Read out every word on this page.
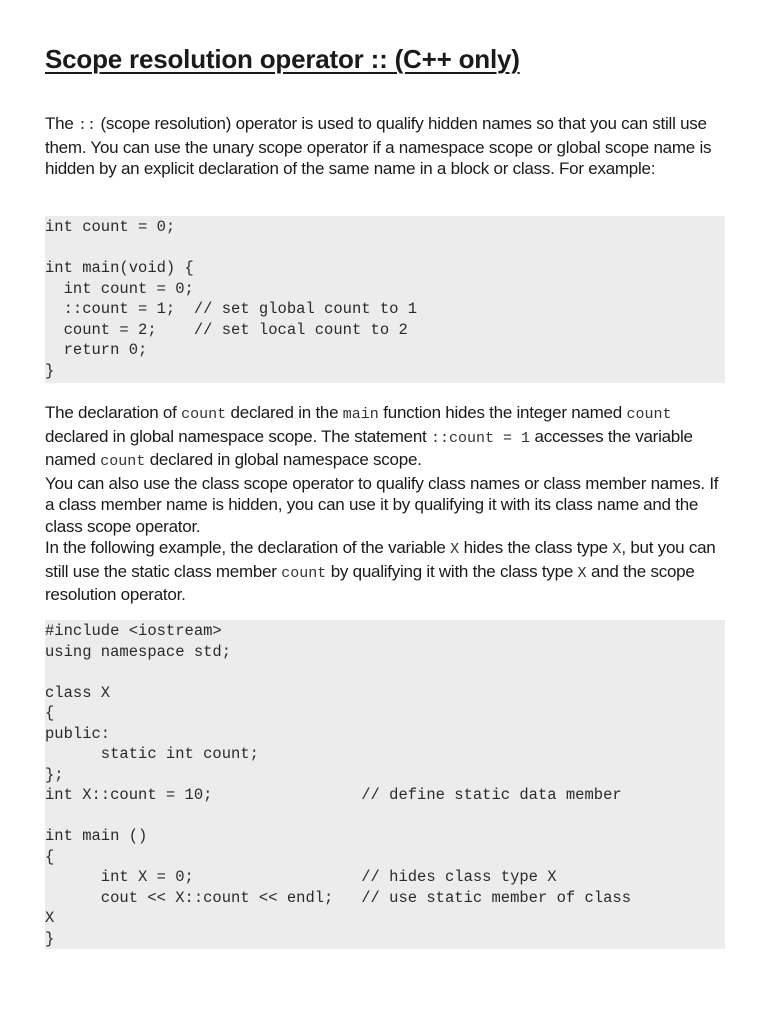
Scope resolution operator :: (C++ only)

The :: (scope resolution) operator is used to qualify hidden names so that you can still use them. You can use the unary scope operator if a namespace scope or global scope name is hidden by an explicit declaration of the same name in a block or class. For example:

int count = 0;
int main(void) {
int count = 0;
::count = 1;  // set global count to 1
count = 2;    // set local count to 2
return 0;
}

The declaration of count declared in the main function hides the integer named count declared in global namespace scope. The statement ::count = 1 accesses the variable named count declared in global namespace scope.

You can also use the class scope operator to qualify class names or class member names. If a class member name is hidden, you can use it by qualifying it with its class name and the class scope operator.

In the following example, the declaration of the variable X hides the class type X, but you can still use the static class member count by qualifying it with the class type X and the scope resolution operator.

#include <iostream>
using namespace std;
class X
{
public:
static int count;
};
int X::count = 10;                // define static data member
int main ()
{
int X = 0;                  // hides class type X
cout << X::count << endl;   // use static member of class
X
}
